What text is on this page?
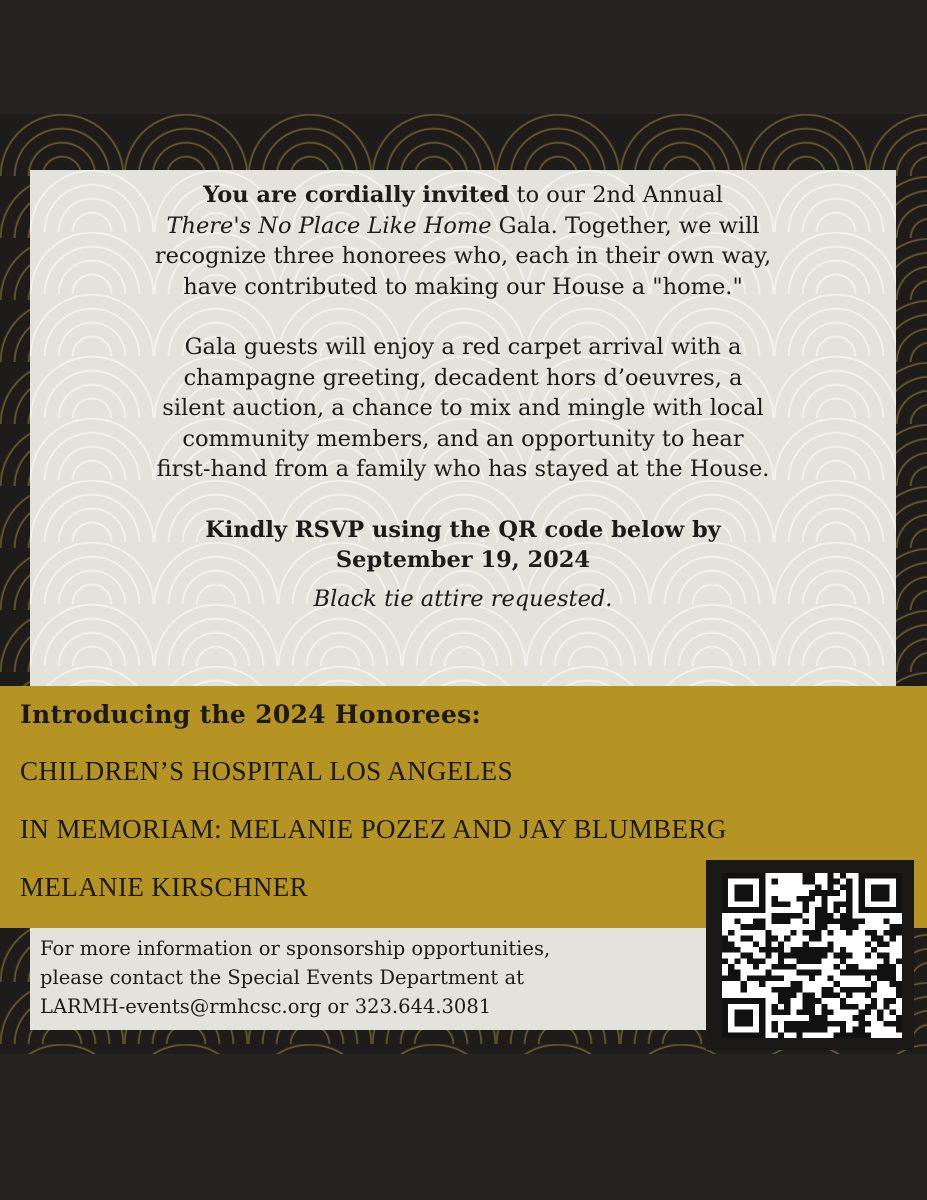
You are cordially invited to our 2nd Annual
There's No Place Like Home Gala. Together, we will
recognize three honorees who, each in their own way,
have contributed to making our House a "home."

Gala guests will enjoy a red carpet arrival with a
champagne greeting, decadent hors d’oeuvres, a
silent auction, a chance to mix and mingle with local
community members, and an opportunity to hear
first-hand from a family who has stayed at the House.

Kindly RSVP using the QR code below by
September 19, 2024

Black tie attire requested.

Introducing the 2024 Honorees:
CHILDREN’S HOSPITAL LOS ANGELES
IN MEMORIAM: MELANIE POZEZ AND JAY BLUMBERG
MELANIE KIRSCHNER
For more information or sponsorship opportunities,
please contact the Special Events Department at
LARMH-events@rmhcsc.org or 323.644.3081
